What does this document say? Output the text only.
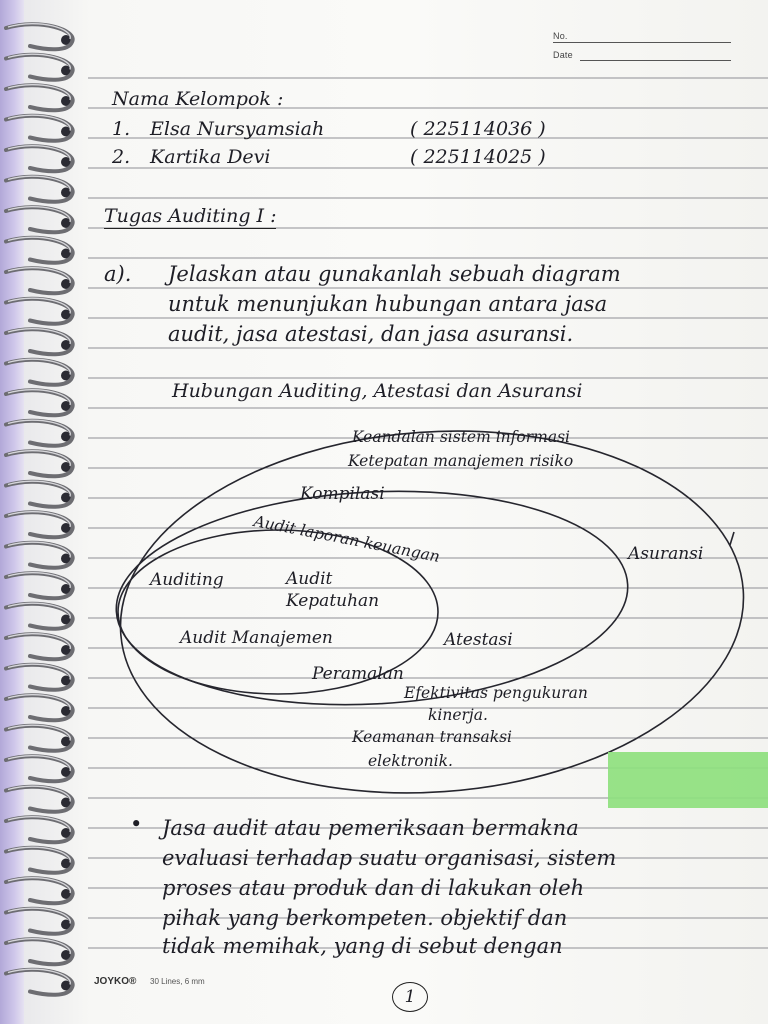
No.
Date
Nama Kelompok :
1. Elsa Nursyamsiah	( 225114036 )
2. Kartika Devi	( 225114025 )
Tugas Auditing I :
a). Jelaskan atau gunakanlah sebuah diagram
untuk menunjukan hubungan antara jasa
audit, jasa atestasi, dan jasa asuransi.
Hubungan Auditing, Atestasi dan Asuransi
Keandalan sistem informasi
Ketepatan manajemen risiko
Kompilasi
Audit laporan keuangan	Asuransi
Auditing	Audit Kepatuhan
Audit Manajemen	Atestasi
Peramalan
Efektivitas pengukuran
kinerja.
Keamanan transaksi
elektronik.
• Jasa audit atau pemeriksaan bermakna
evaluasi terhadap suatu organisasi, sistem
proses atau produk dan di lakukan oleh
pihak yang berkompeten. objektif dan
tidak memihak, yang di sebut dengan
JOYKO® 30 Lines, 6 mm
1
